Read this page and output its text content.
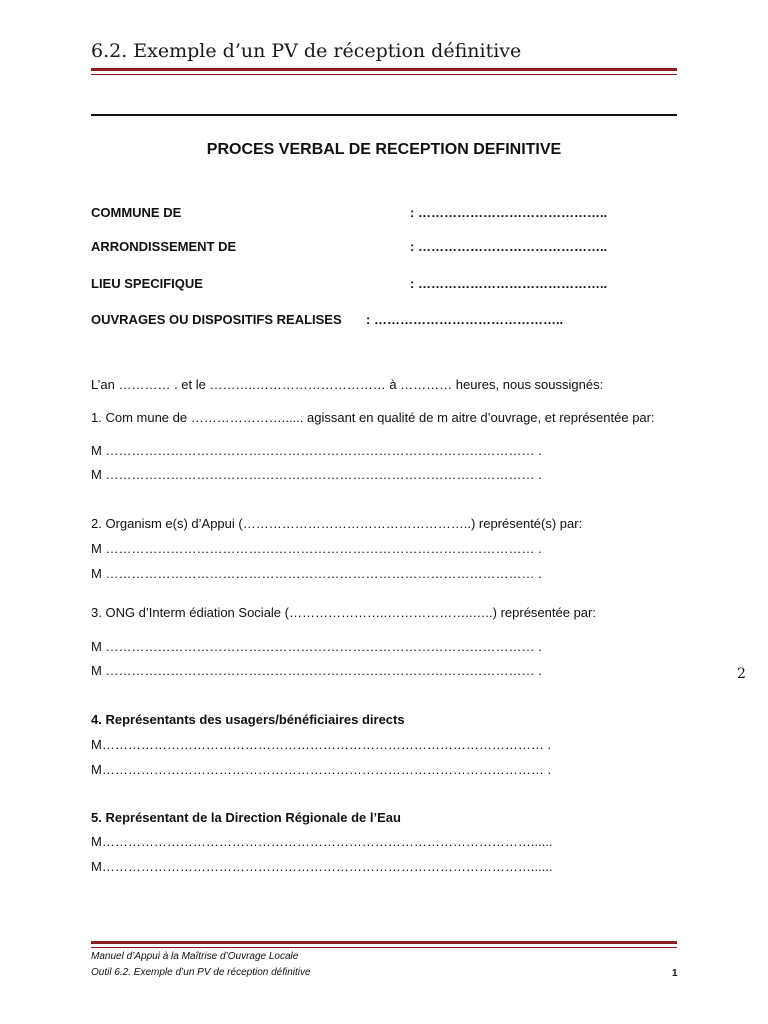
6.2. Exemple d’un PV de réception définitive
PROCES VERBAL DE RECEPTION DEFINITIVE
COMMUNE DE	: ……………………………………..
ARRONDISSEMENT DE	: ……………………………………..
LIEU SPECIFIQUE	: ……………………………………..
OUVRAGES OU DISPOSITIFS REALISES : ……………………………………..
L’an ………… . et le ………..………………………… à ………… heures, nous soussignés:
1. Com mune de …………………...... agissant en qualité de m aitre d’ouvrage, et représentée par:
M ……………………………………………………………………………………… .
M ……………………………………………………………………………………… .
2. Organism e(s) d’Appui (……………………………………………..) représenté(s) par:
M ……………………………………………………………………………………… .
M ……………………………………………………………………………………… .
3. ONG d’Interm édiation Sociale (…………………..………………..…..) représentée par:
M ……………………………………………………………………………………… .
M ……………………………………………………………………………………… .
4. Représentants des usagers/bénéficiaires directs
M………………………………………………………………………………………… .
M………………………………………………………………………………………… .
5. Représentant de la Direction Régionale de l’Eau
M………………………………………………………………………………………......
M………………………………………………………………………………………......
2
Manuel d’Appui à la Maîtrise d’Ouvrage Locale
Outil 6.2. Exemple d’un PV de réception définitive	1
